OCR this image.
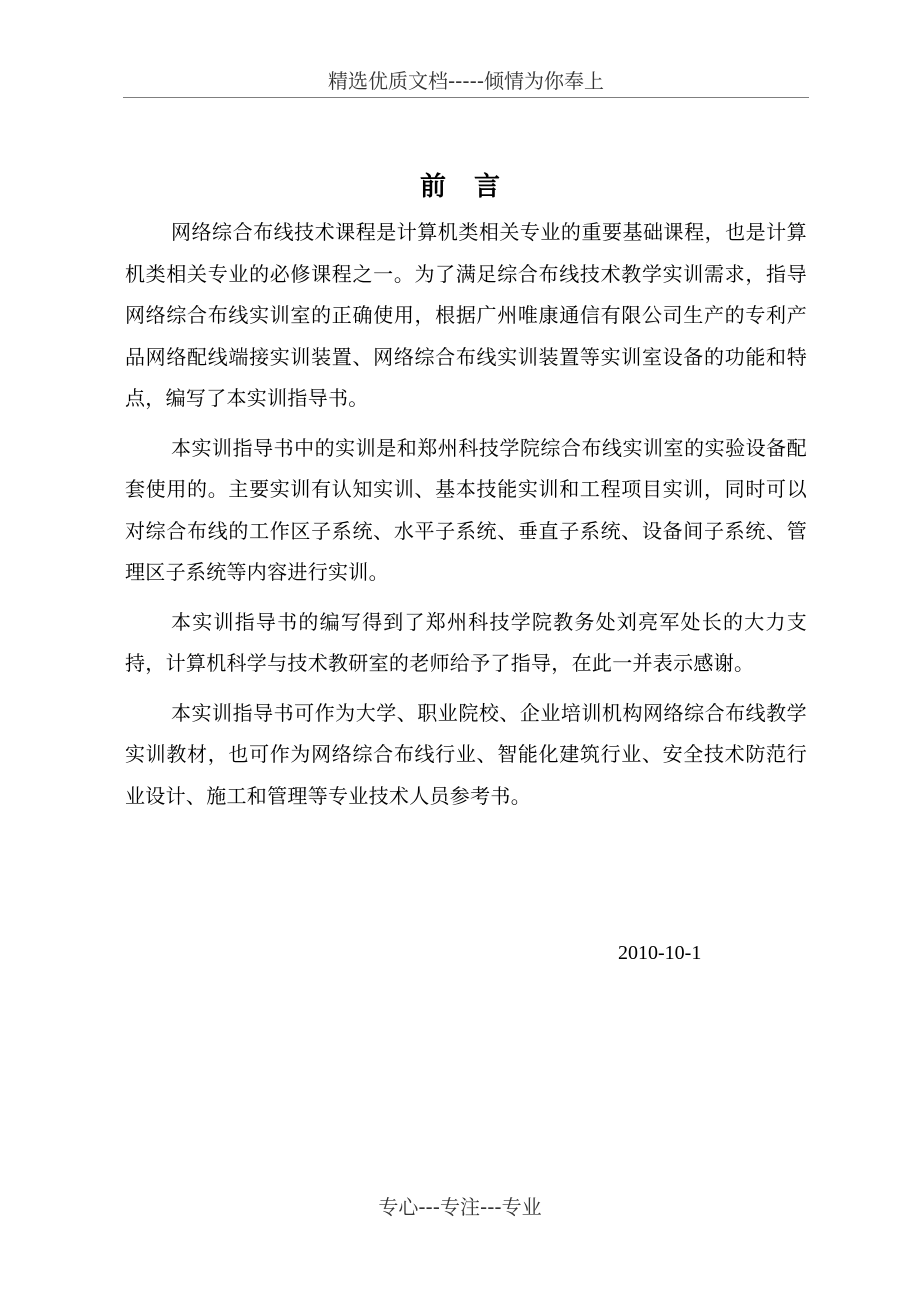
精选优质文档-----倾情为你奉上
前言

网络综合布线技术课程是计算机类相关专业的重要基础课程，也是计算机类相关专业的必修课程之一。为了满足综合布线技术教学实训需求，指导网络综合布线实训室的正确使用，根据广州唯康通信有限公司生产的专利产品网络配线端接实训装置、网络综合布线实训装置等实训室设备的功能和特点，编写了本实训指导书。

本实训指导书中的实训是和郑州科技学院综合布线实训室的实验设备配套使用的。主要实训有认知实训、基本技能实训和工程项目实训，同时可以对综合布线的工作区子系统、水平子系统、垂直子系统、设备间子系统、管理区子系统等内容进行实训。

本实训指导书的编写得到了郑州科技学院教务处刘亮军处长的大力支持，计算机科学与技术教研室的老师给予了指导，在此一并表示感谢。

本实训指导书可作为大学、职业院校、企业培训机构网络综合布线教学实训教材，也可作为网络综合布线行业、智能化建筑行业、安全技术防范行业设计、施工和管理等专业技术人员参考书。

2010-10-1
专心---专注---专业
